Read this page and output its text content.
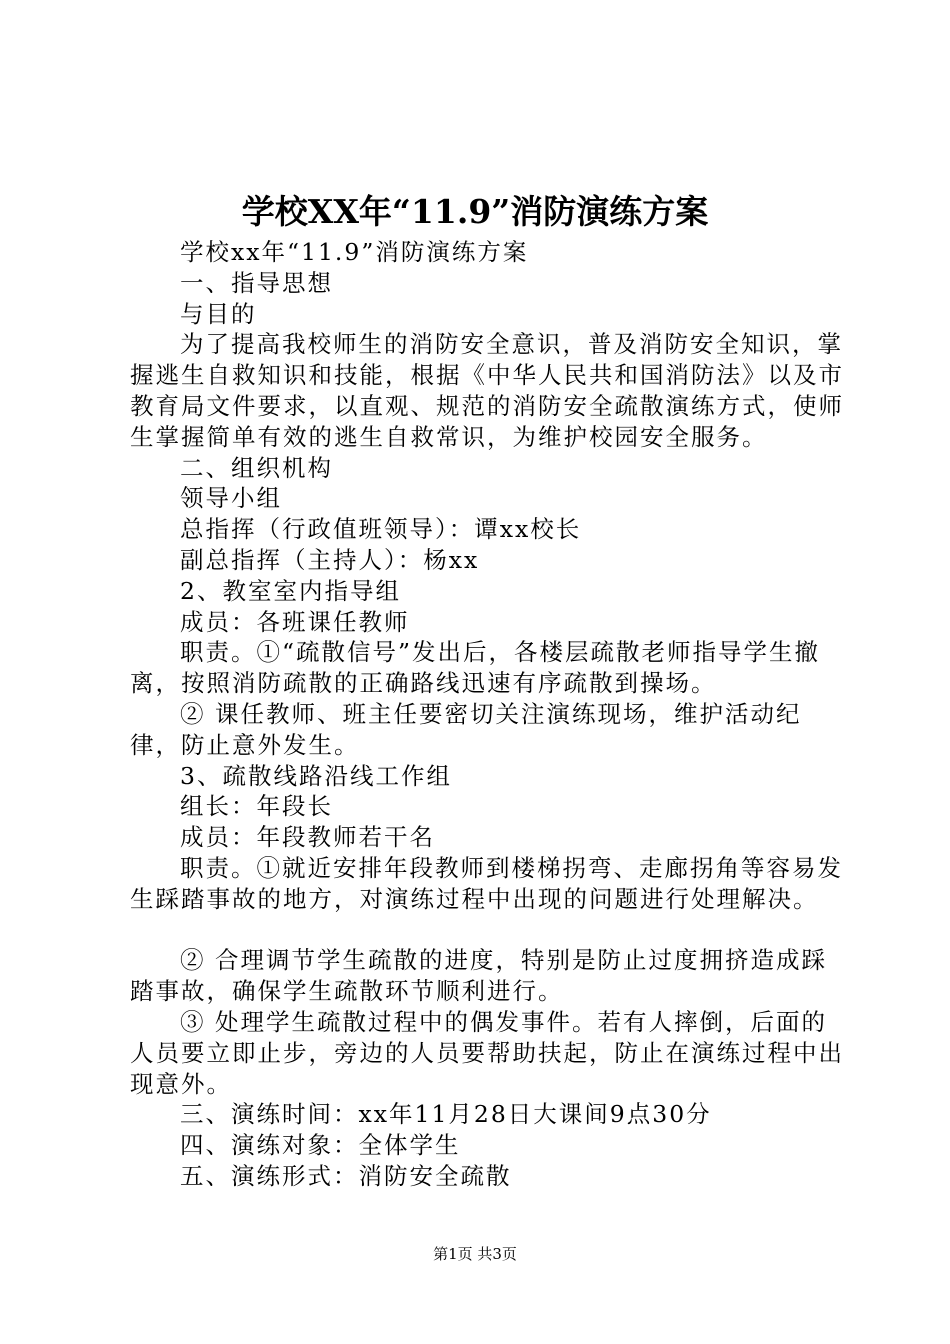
学校XX年“11.9”消防演练方案

学校xx年“11.9”消防演练方案

一、指导思想

与目的

为了提高我校师生的消防安全意识，普及消防安全知识，掌握逃生自救知识和技能，根据《中华人民共和国消防法》以及市教育局文件要求，以直观、规范的消防安全疏散演练方式，使师生掌握简单有效的逃生自救常识，为维护校园安全服务。

二、组织机构

领导小组

总指挥（行政值班领导）：谭xx校长

副总指挥（主持人）：杨xx

2、教室室内指导组

成员：各班课任教师

职责。①“疏散信号”发出后，各楼层疏散老师指导学生撤离，按照消防疏散的正确路线迅速有序疏散到操场。

② 课任教师、班主任要密切关注演练现场，维护活动纪律，防止意外发生。

3、疏散线路沿线工作组

组长：年段长

成员：年段教师若干名

职责。①就近安排年段教师到楼梯拐弯、走廊拐角等容易发生踩踏事故的地方，对演练过程中出现的问题进行处理解决。

② 合理调节学生疏散的进度，特别是防止过度拥挤造成踩踏事故，确保学生疏散环节顺利进行。

③ 处理学生疏散过程中的偶发事件。若有人摔倒，后面的人员要立即止步，旁边的人员要帮助扶起，防止在演练过程中出现意外。

三、演练时间：xx年11月28日大课间9点30分

四、演练对象：全体学生

五、演练形式：消防安全疏散

第1页 共3页
